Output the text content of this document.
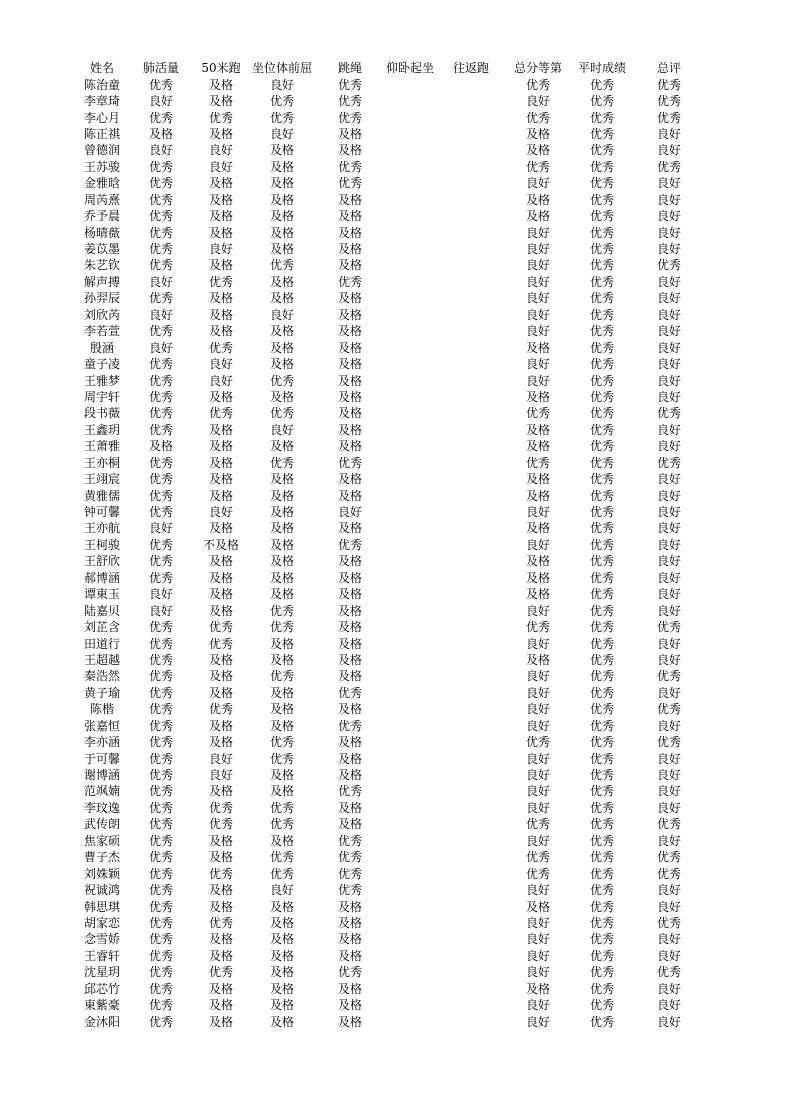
	姓名	肺活量	50米跑	坐位体前屈	跳绳	仰卧起坐	往返跑	总分等第	平时成绩	总评	
	陈治童	优秀	及格	良好	优秀			优秀	优秀	优秀	
	李章琦	良好	及格	优秀	优秀			良好	优秀	优秀	
	李心月	优秀	优秀	优秀	优秀			优秀	优秀	优秀	
	陈正祺	及格	及格	良好	及格			及格	优秀	良好	
	曾德润	良好	良好	及格	及格			及格	优秀	良好	
	王苏骏	优秀	良好	及格	优秀			优秀	优秀	优秀	
	金雅晗	优秀	及格	及格	优秀			良好	优秀	良好	
	周芮熹	优秀	及格	及格	及格			及格	优秀	良好	
	乔予晨	优秀	及格	及格	及格			及格	优秀	良好	
	杨晴薇	优秀	及格	及格	及格			良好	优秀	良好	
	姜苡墨	优秀	良好	及格	及格			良好	优秀	良好	
	朱艺钦	优秀	及格	优秀	及格			良好	优秀	优秀	
	解声搏	良好	优秀	及格	优秀			良好	优秀	良好	
	孙羿辰	优秀	及格	及格	及格			良好	优秀	良好	
	刘欣芮	良好	及格	良好	及格			良好	优秀	良好	
	李若萱	优秀	及格	及格	及格			良好	优秀	良好	
	殷涵	良好	优秀	及格	及格			及格	优秀	良好	
	童子凌	优秀	良好	及格	及格			良好	优秀	良好	
	王雅梦	优秀	良好	优秀	及格			良好	优秀	良好	
	周宇轩	优秀	及格	及格	及格			及格	优秀	良好	
	段书薇	优秀	优秀	优秀	及格			优秀	优秀	优秀	
	王鑫玥	优秀	及格	良好	及格			及格	优秀	良好	
	王萧雅	及格	及格	及格	及格			及格	优秀	良好	
	王亦桐	优秀	及格	优秀	优秀			优秀	优秀	优秀	
	王翊宸	优秀	及格	及格	及格			及格	优秀	良好	
	黄雅儒	优秀	及格	及格	及格			及格	优秀	良好	
	钟可馨	优秀	良好	及格	良好			良好	优秀	良好	
	王亦航	良好	及格	及格	及格			及格	优秀	良好	
	王柯骏	优秀	不及格	及格	优秀			良好	优秀	良好	
	王舒欣	优秀	及格	及格	及格			及格	优秀	良好	
	郝博涵	优秀	及格	及格	及格			及格	优秀	良好	
	谭東玉	良好	及格	及格	及格			及格	优秀	良好	
	陆嘉贝	良好	及格	优秀	及格			良好	优秀	良好	
	刘芷含	优秀	优秀	优秀	及格			优秀	优秀	优秀	
	田道行	优秀	优秀	及格	及格			良好	优秀	良好	
	王超越	优秀	及格	及格	及格			及格	优秀	良好	
	秦浩然	优秀	及格	优秀	及格			良好	优秀	优秀	
	黄子瑜	优秀	及格	及格	优秀			良好	优秀	良好	
	陈楷	优秀	优秀	及格	及格			良好	优秀	优秀	
	张嘉恒	优秀	及格	及格	优秀			良好	优秀	良好	
	李亦涵	优秀	及格	优秀	及格			优秀	优秀	优秀	
	于可馨	优秀	良好	优秀	及格			良好	优秀	良好	
	谢博涵	优秀	良好	及格	及格			良好	优秀	良好	
	范飒婻	优秀	及格	及格	优秀			良好	优秀	良好	
	李玟逸	优秀	优秀	优秀	及格			良好	优秀	良好	
	武传朗	优秀	优秀	优秀	及格			优秀	优秀	优秀	
	焦家硕	优秀	及格	及格	优秀			良好	优秀	良好	
	曹子杰	优秀	及格	优秀	优秀			优秀	优秀	优秀	
	刘姝颖	优秀	优秀	优秀	优秀			优秀	优秀	优秀	
	祝诚鸿	优秀	及格	良好	优秀			良好	优秀	良好	
	韩思琪	优秀	及格	及格	及格			及格	优秀	良好	
	胡家恋	优秀	优秀	及格	及格			良好	优秀	优秀	
	念雪娇	优秀	及格	及格	及格			良好	优秀	良好	
	王睿轩	优秀	及格	及格	及格			良好	优秀	良好	
	沈星玥	优秀	优秀	及格	优秀			良好	优秀	优秀	
	邱芯竹	优秀	及格	及格	及格			及格	优秀	良好	
	東紫豪	优秀	及格	及格	及格			良好	优秀	良好	
	金沐阳	优秀	及格	及格	及格			良好	优秀	良好	
